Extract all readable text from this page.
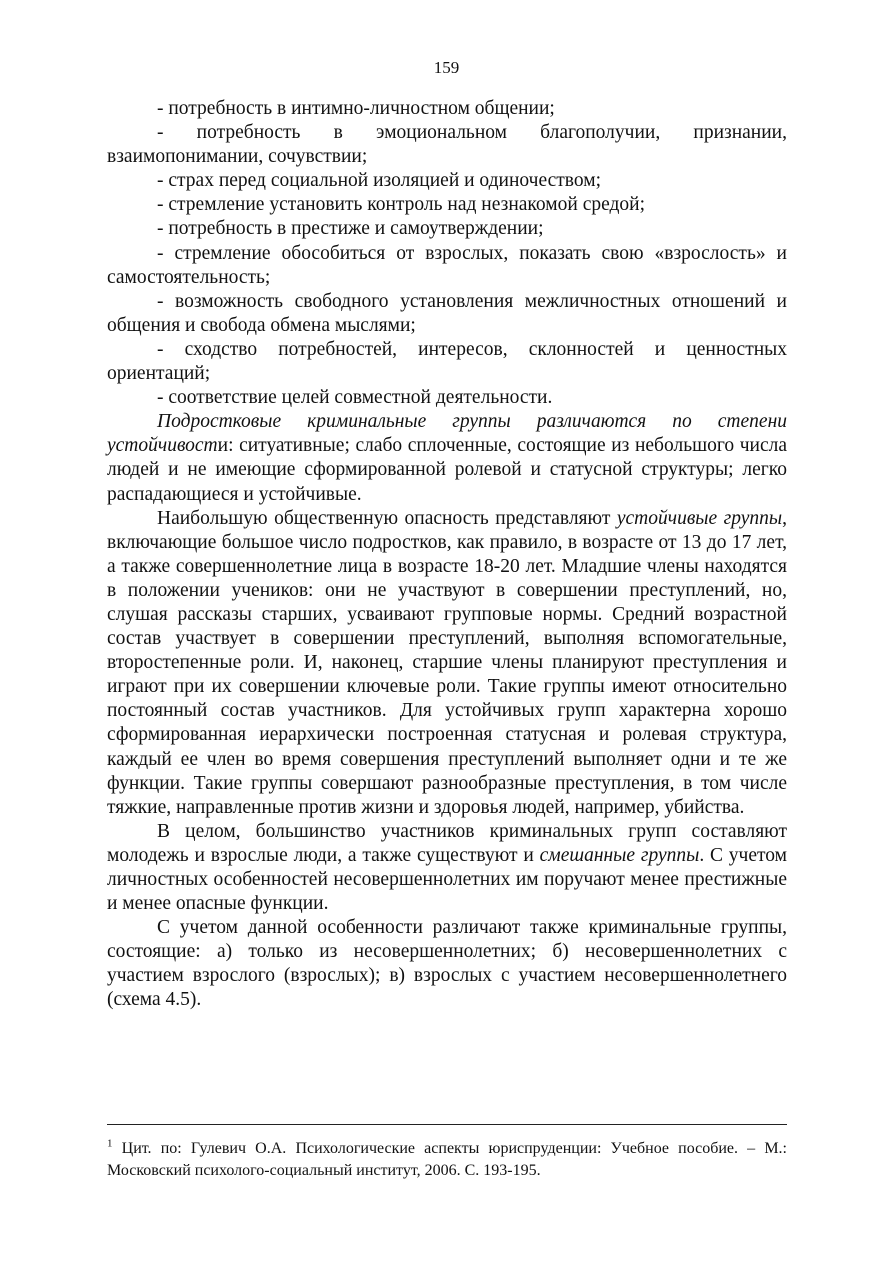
159

- потребность в интимно-личностном общении;

- потребность в эмоциональном благополучии, признании, взаимопонимании, сочувствии;

- страх перед социальной изоляцией и одиночеством;

- стремление установить контроль над незнакомой средой;

- потребность в престиже и самоутверждении;

- стремление обособиться от взрослых, показать свою «взрослость» и самостоятельность;

- возможность свободного установления межличностных отношений и общения и свобода обмена мыслями;

- сходство потребностей, интересов, склонностей и ценностных ориентаций;

- соответствие целей совместной деятельности.

Подростковые криминальные группы различаются по степени устойчивости: ситуативные; слабо сплоченные, состоящие из небольшого числа людей и не имеющие сформированной ролевой и статусной структуры; легко распадающиеся и устойчивые.

Наибольшую общественную опасность представляют устойчивые группы, включающие большое число подростков, как правило, в возрасте от 13 до 17 лет, а также совершеннолетние лица в возрасте 18-20 лет. Младшие члены находятся в положении учеников: они не участвуют в совершении преступлений, но, слушая рассказы старших, усваивают групповые нормы. Средний возрастной состав участвует в совершении преступлений, выполняя вспомогательные, второстепенные роли. И, наконец, старшие члены планируют преступления и играют при их совершении ключевые роли. Такие группы имеют относительно постоянный состав участников. Для устойчивых групп характерна хорошо сформированная иерархически построенная статусная и ролевая структура, каждый ее член во время совершения преступлений выполняет одни и те же функции. Такие группы совершают разнообразные преступления, в том числе тяжкие, направленные против жизни и здоровья людей, например, убийства.

В целом, большинство участников криминальных групп составляют молодежь и взрослые люди, а также существуют и смешанные группы. С учетом личностных особенностей несовершеннолетних им поручают менее престижные и менее опасные функции.

С учетом данной особенности различают также криминальные группы, состоящие: а) только из несовершеннолетних; б) несовершеннолетних с участием взрослого (взрослых); в) взрослых с участием несовершеннолетнего (схема 4.5).

$^1$ Цит. по: Гулевич О.А. Психологические аспекты юриспруденции: Учебное пособие. – М.: Московский психолого-социальный институт, 2006. С. 193-195.
